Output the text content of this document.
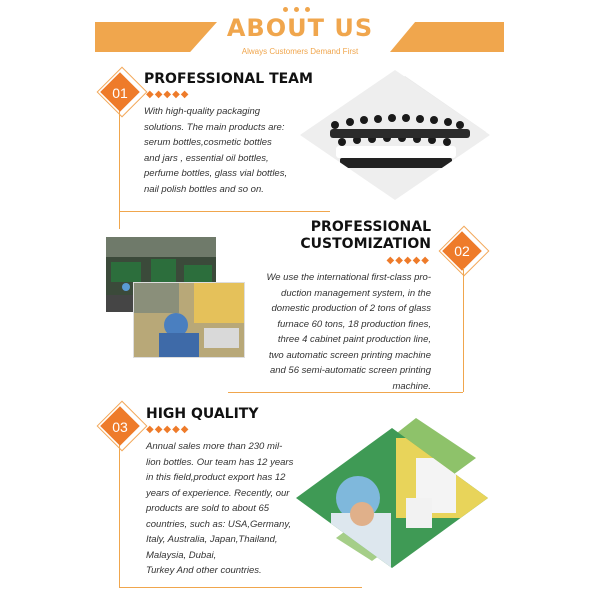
ABOUT US
Always Customers Demand First
01
PROFESSIONAL TEAM
◆◆◆◆◆
With high-quality packaging
solutions. The main products are:
serum bottles,cosmetic bottles
and jars , essential oil bottles,
perfume bottles, glass vial bottles,
nail polish bottles and so on.
02
PROFESSIONAL
CUSTOMIZATION
◆◆◆◆◆
We use the international first-class pro-
duction management system, in the
domestic production of 2 tons of glass
furnace 60 tons, 18 production fines,
three 4 cabinet paint production line,
two automatic screen printing machine
and 56 semi-automatic screen printing
machine.
03
HIGH QUALITY
◆◆◆◆◆
Annual sales more than 230 mil-
lion bottles. Our team has 12 years
in this field,product export has 12
years of experience. Recently, our
products are sold to about 65
countries, such as: USA,Germany,
Italy, Australia, Japan,Thailand,
Malaysia, Dubai,
Turkey And other countries.
